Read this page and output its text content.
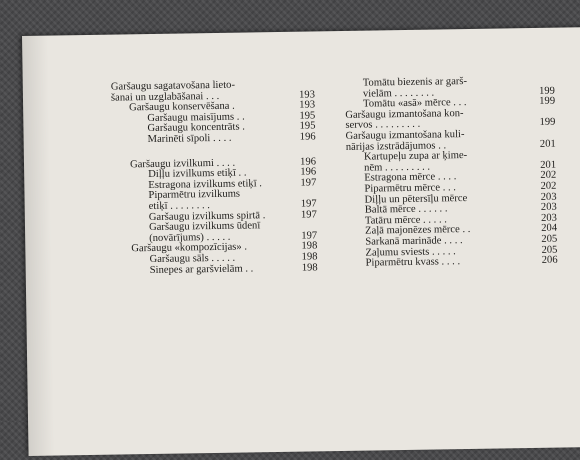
Garšaugu sagatavošana lieto-
šanai un uzglabāšanai . . .	193
Garšaugu konservēšana .	193
Garšaugu maisījums . .	195
Garšaugu koncentrāts .	195
Marinēti sīpoli . . . .	196
Garšaugu izvilkumi . . . .	196
Diļļu izvilkums etiķī . .	196
Estragona izvilkums etiķī .	197
Piparmētru izvilkums
etiķī . . . . . . . .	197
Garšaugu izvilkums spirtā .	197
Garšaugu izvilkums ūdenī
(novārījums) . . . . .	197
Garšaugu «kompozīcijas» .	198
Garšaugu sāls . . . . .	198
Sinepes ar garšvielām . .	198
Tomātu biezenis ar garš-
vielām . . . . . . . .	199
Tomātu «asā» mērce . . .	199
Garšaugu izmantošana kon-
servos . . . . . . . . .	199
Garšaugu izmantošana kuli-
nārijas izstrādājumos . .	201
Kartupeļu zupa ar ķime-
nēm . . . . . . . . .	201
Estragona mērce . . . .	202
Piparmētru mērce . . .	202
Diļļu un pētersīļu mērce	203
Baltā mērce . . . . . .	203
Tatāru mērce . . . . .	203
Zaļā majonēzes mērce . .	204
Sarkanā marināde . . . .	205
Zaļumu sviests . . . . .	205
Piparmētru kvass . . . .	206
